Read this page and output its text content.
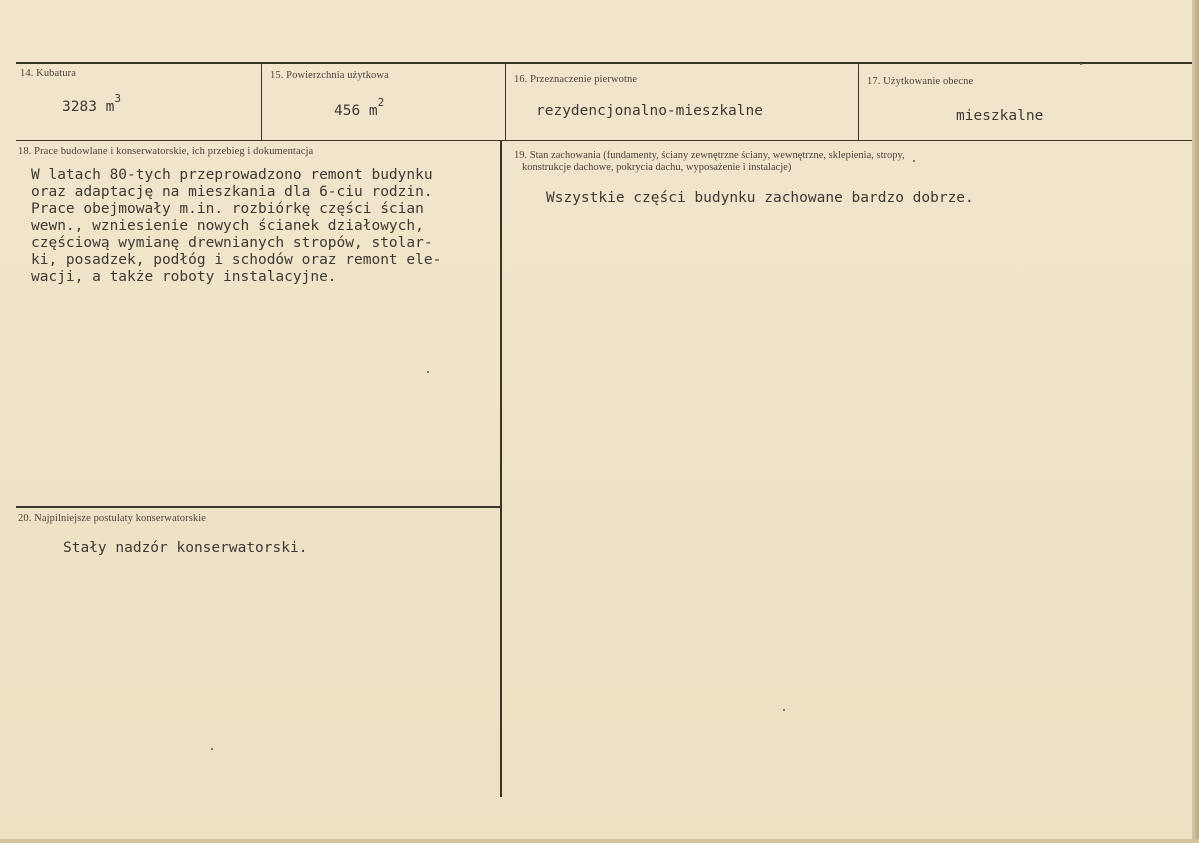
14. Kubatura
3283 $m^3$
15. Powierzchnia użytkowa
456 $m^2$
16. Przeznaczenie pierwotne
rezydencjonalno-mieszkalne
17. Użytkowanie obecne
mieszkalne
18. Prace budowlane i konserwatorskie, ich przebieg i dokumentacja
W latach 80-tych przeprowadzono remont budynku
oraz adaptację na mieszkania dla 6-ciu rodzin.
Prace obejmowały m.in. rozbiórkę części ścian
wewn., wzniesienie nowych ścianek działowych,
częściową wymianę drewnianych stropów, stolar-
ki, posadzek, podłóg i schodów oraz remont ele-
wacji, a także roboty instalacyjne.
19. Stan zachowania (fundamenty, ściany zewnętrzne ściany, wewnętrzne, sklepienia, stropy,
konstrukcje dachowe, pokrycia dachu, wyposażenie i instalacje)
Wszystkie części budynku zachowane bardzo dobrze.
20. Najpilniejsze postulaty konserwatorskie
Stały nadzór konserwatorski.
